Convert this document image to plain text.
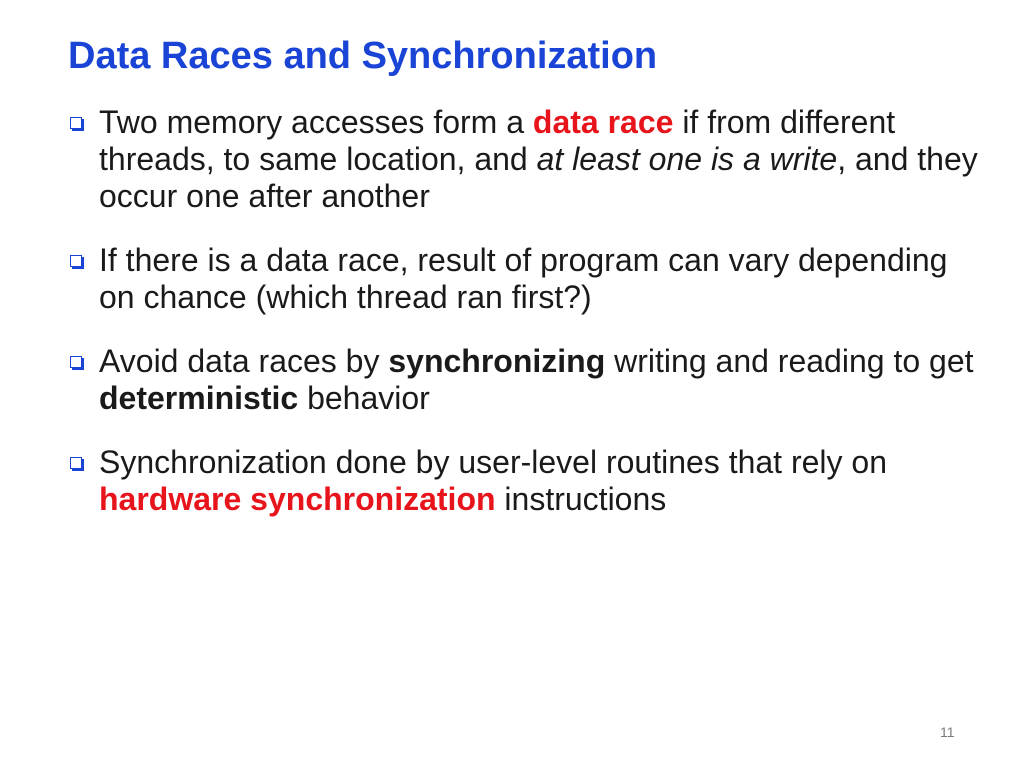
Data Races and Synchronization
Two memory accesses form a data race if from different threads, to same location, and at least one is a write, and they occur one after another
If there is a data race, result of program can vary depending on chance (which thread ran first?)
Avoid data races by synchronizing writing and reading to get deterministic behavior
Synchronization done by user-level routines that rely on hardware synchronization instructions
11
